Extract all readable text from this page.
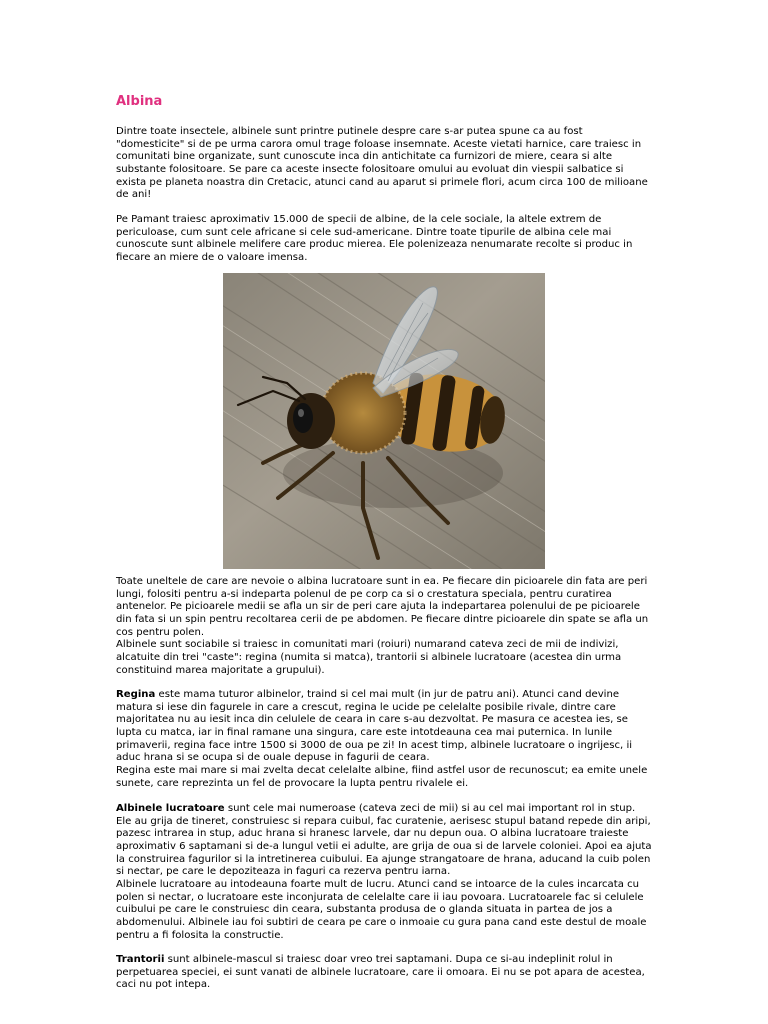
Albina

Dintre toate insectele, albinele sunt printre putinele despre care s-ar putea spune ca au fost "domesticite" si de pe urma carora omul trage foloase insemnate. Aceste vietati harnice, care traiesc in comunitati bine organizate, sunt cunoscute inca din antichitate ca furnizori de miere, ceara si alte substante folositoare. Se pare ca aceste insecte folositoare omului au evoluat din viespii salbatice si exista pe planeta noastra din Cretacic, atunci cand au aparut si primele flori, acum circa 100 de milioane de ani!

Pe Pamant traiesc aproximativ 15.000 de specii de albine, de la cele sociale, la altele extrem de periculoase, cum sunt cele africane si cele sud-americane. Dintre toate tipurile de albina cele mai cunoscute sunt albinele melifere care produc mierea. Ele polenizeaza nenumarate recolte si produc in fiecare an miere de o valoare imensa.

Toate uneltele de care are nevoie o albina lucratoare sunt in ea. Pe fiecare din picioarele din fata are peri lungi, folositi pentru a-si indeparta polenul de pe corp ca si o crestatura speciala, pentru curatirea antenelor. Pe picioarele medii se afla un sir de peri care ajuta la indepartarea polenului de pe picioarele din fata si un spin pentru recoltarea cerii de pe abdomen. Pe fiecare dintre picioarele din spate se afla un cos pentru polen.
Albinele sunt sociabile si traiesc in comunitati mari (roiuri) numarand cateva zeci de mii de indivizi, alcatuite din trei "caste": regina (numita si matca), trantorii si albinele lucratoare (acestea din urma constituind marea majoritate a grupului).

Regina este mama tuturor albinelor, traind si cel mai mult (in jur de patru ani). Atunci cand devine matura si iese din fagurele in care a crescut, regina le ucide pe celelalte posibile rivale, dintre care majoritatea nu au iesit inca din celulele de ceara in care s-au dezvoltat. Pe masura ce acestea ies, se lupta cu matca, iar in final ramane una singura, care este intotdeauna cea mai puternica. In lunile primaverii, regina face intre 1500 si 3000 de oua pe zi! In acest timp, albinele lucratoare o ingrijesc, ii aduc hrana si se ocupa si de ouale depuse in fagurii de ceara.
Regina este mai mare si mai zvelta decat celelalte albine, fiind astfel usor de recunoscut; ea emite unele sunete, care reprezinta un fel de provocare la lupta pentru rivalele ei.

Albinele lucratoare sunt cele mai numeroase (cateva zeci de mii) si au cel mai important rol in stup. Ele au grija de tineret, construiesc si repara cuibul, fac curatenie, aerisesc stupul batand repede din aripi, pazesc intrarea in stup, aduc hrana si hranesc larvele, dar nu depun oua. O albina lucratoare traieste aproximativ 6 saptamani si de-a lungul vetii ei adulte, are grija de oua si de larvele coloniei. Apoi ea ajuta la construirea fagurilor si la intretinerea cuibului. Ea ajunge strangatoare de hrana, aducand la cuib polen si nectar, pe care le depoziteaza in faguri ca rezerva pentru iarna.
Albinele lucratoare au intodeauna foarte mult de lucru. Atunci cand se intoarce de la cules incarcata cu polen si nectar, o lucratoare este inconjurata de celelalte care ii iau povoara. Lucratoarele fac si celulele cuibului pe care le construiesc din ceara, substanta produsa de o glanda situata in partea de jos a abdomenului. Albinele iau foi subtiri de ceara pe care o inmoaie cu gura pana cand este destul de moale pentru a fi folosita la constructie.

Trantorii sunt albinele-mascul si traiesc doar vreo trei saptamani. Dupa ce si-au indeplinit rolul in perpetuarea speciei, ei sunt vanati de albinele lucratoare, care ii omoara. Ei nu se pot apara de acestea, caci nu pot intepa.
